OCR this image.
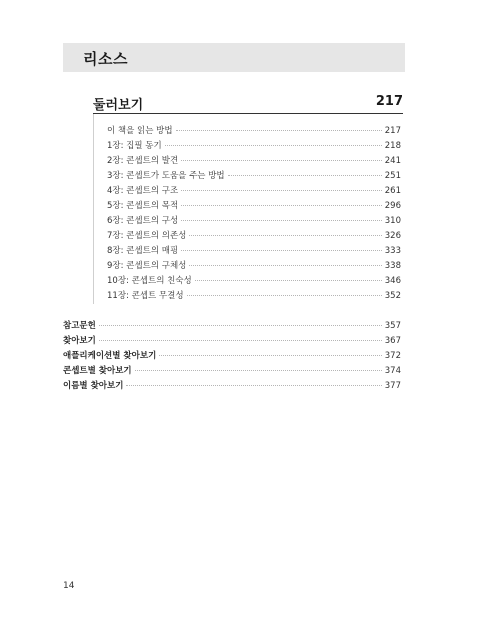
리소스
둘러보기	217
이 책을 읽는 방법	217
1장: 집필 동기	218
2장: 콘셉트의 발견	241
3장: 콘셉트가 도움을 주는 방법	251
4장: 콘셉트의 구조	261
5장: 콘셉트의 목적	296
6장: 콘셉트의 구성	310
7장: 콘셉트의 의존성	326
8장: 콘셉트의 매핑	333
9장: 콘셉트의 구체성	338
10장: 콘셉트의 친숙성	346
11장: 콘셉트 무결성	352
참고문헌	357
찾아보기	367
애플리케이션별 찾아보기	372
콘셉트별 찾아보기	374
이름별 찾아보기	377
14
